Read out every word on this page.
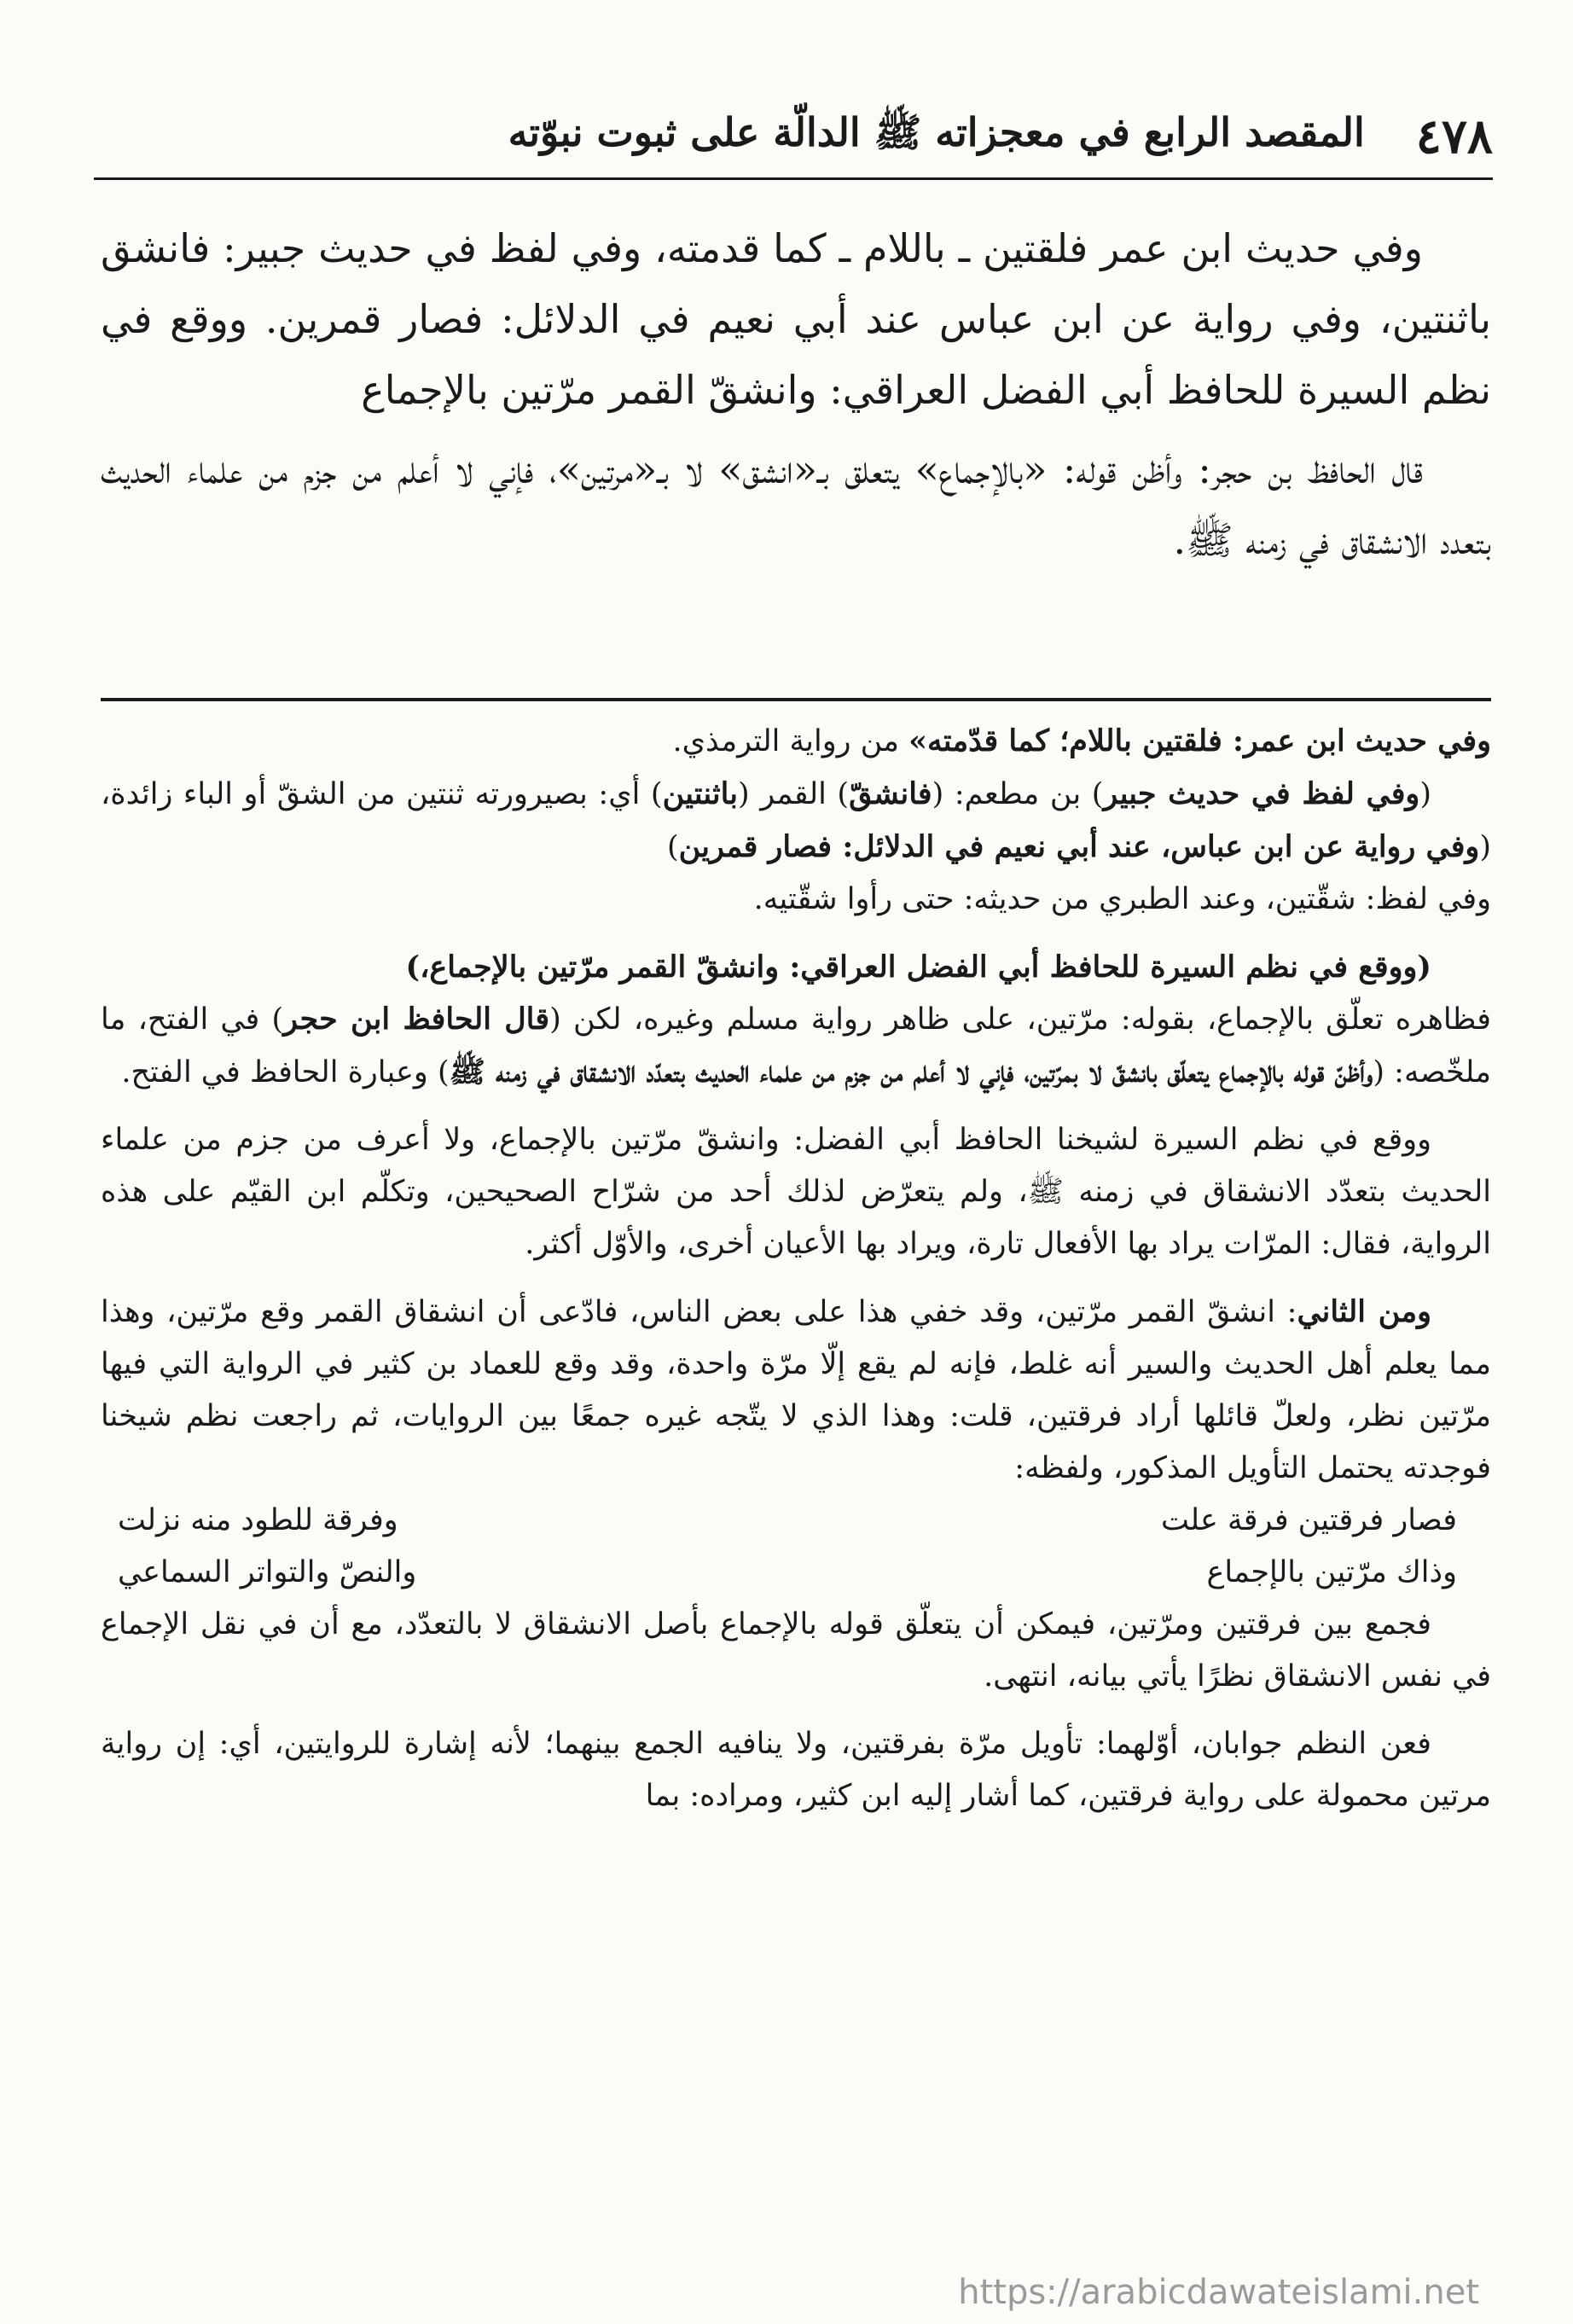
٤٧٨
المقصد الرابع في معجزاته ﷺ الدالّة على ثبوت نبوّته

وفي حديث ابن عمر فلقتين ـ باللام ـ كما قدمته، وفي لفظ في حديث جبير: فانشق باثنتين، وفي رواية عن ابن عباس عند أبي نعيم في الدلائل: فصار قمرين. ووقع في نظم السيرة للحافظ أبي الفضل العراقي: وانشقّ القمر مرّتين بالإجماع

قال الحافظ بن حجر: وأظن قوله: «بالإجماع» يتعلق بـ«انشق» لا بـ«مرتين»، فإني لا أعلم من جزم من علماء الحديث بتعدد الانشقاق في زمنه ﷺ.

وفي حديث ابن عمر: فلقتين باللام؛ كما قدّمته» من رواية الترمذي.

(وفي لفظ في حديث جبير) بن مطعم: (فانشقّ) القمر (باثنتين) أي: بصيرورته ثنتين من الشقّ أو الباء زائدة، (وفي رواية عن ابن عباس، عند أبي نعيم في الدلائل: فصار قمرين)

وفي لفظ: شقّتين، وعند الطبري من حديثه: حتى رأوا شقّتيه.

(ووقع في نظم السيرة للحافظ أبي الفضل العراقي: وانشقّ القمر مرّتين بالإجماع،)

فظاهره تعلّق بالإجماع، بقوله: مرّتين، على ظاهر رواية مسلم وغيره، لكن (قال الحافظ ابن حجر) في الفتح، ما ملخّصه: (وأظنّ قوله بالإجماع يتعلّق بانشقّ لا بمرّتين، فإني لا أعلم من جزم من علماء الحديث بتعدّد الانشقاق في زمنه ﷺ) وعبارة الحافظ في الفتح.

ووقع في نظم السيرة لشيخنا الحافظ أبي الفضل: وانشقّ مرّتين بالإجماع، ولا أعرف من جزم من علماء الحديث بتعدّد الانشقاق في زمنه ﷺ، ولم يتعرّض لذلك أحد من شرّاح الصحيحين، وتكلّم ابن القيّم على هذه الرواية، فقال: المرّات يراد بها الأفعال تارة، ويراد بها الأعيان أخرى، والأوّل أكثر.

ومن الثاني: انشقّ القمر مرّتين، وقد خفي هذا على بعض الناس، فادّعى أن انشقاق القمر وقع مرّتين، وهذا مما يعلم أهل الحديث والسير أنه غلط، فإنه لم يقع إلّا مرّة واحدة، وقد وقع للعماد بن كثير في الرواية التي فيها مرّتين نظر، ولعلّ قائلها أراد فرقتين، قلت: وهذا الذي لا يتّجه غيره جمعًا بين الروايات، ثم راجعت نظم شيخنا فوجدته يحتمل التأويل المذكور، ولفظه:

فصار فرقتين فرقة علت
وفرقة للطود منه نزلت

وذاك مرّتين بالإجماع
والنصّ والتواتر السماعي

فجمع بين فرقتين ومرّتين، فيمكن أن يتعلّق قوله بالإجماع بأصل الانشقاق لا بالتعدّد، مع أن في نقل الإجماع في نفس الانشقاق نظرًا يأتي بيانه، انتهى.

فعن النظم جوابان، أوّلهما: تأويل مرّة بفرقتين، ولا ينافيه الجمع بينهما؛ لأنه إشارة للروايتين، أي: إن رواية مرتين محمولة على رواية فرقتين، كما أشار إليه ابن كثير، ومراده: بما

https://arabicdawateislami.net
